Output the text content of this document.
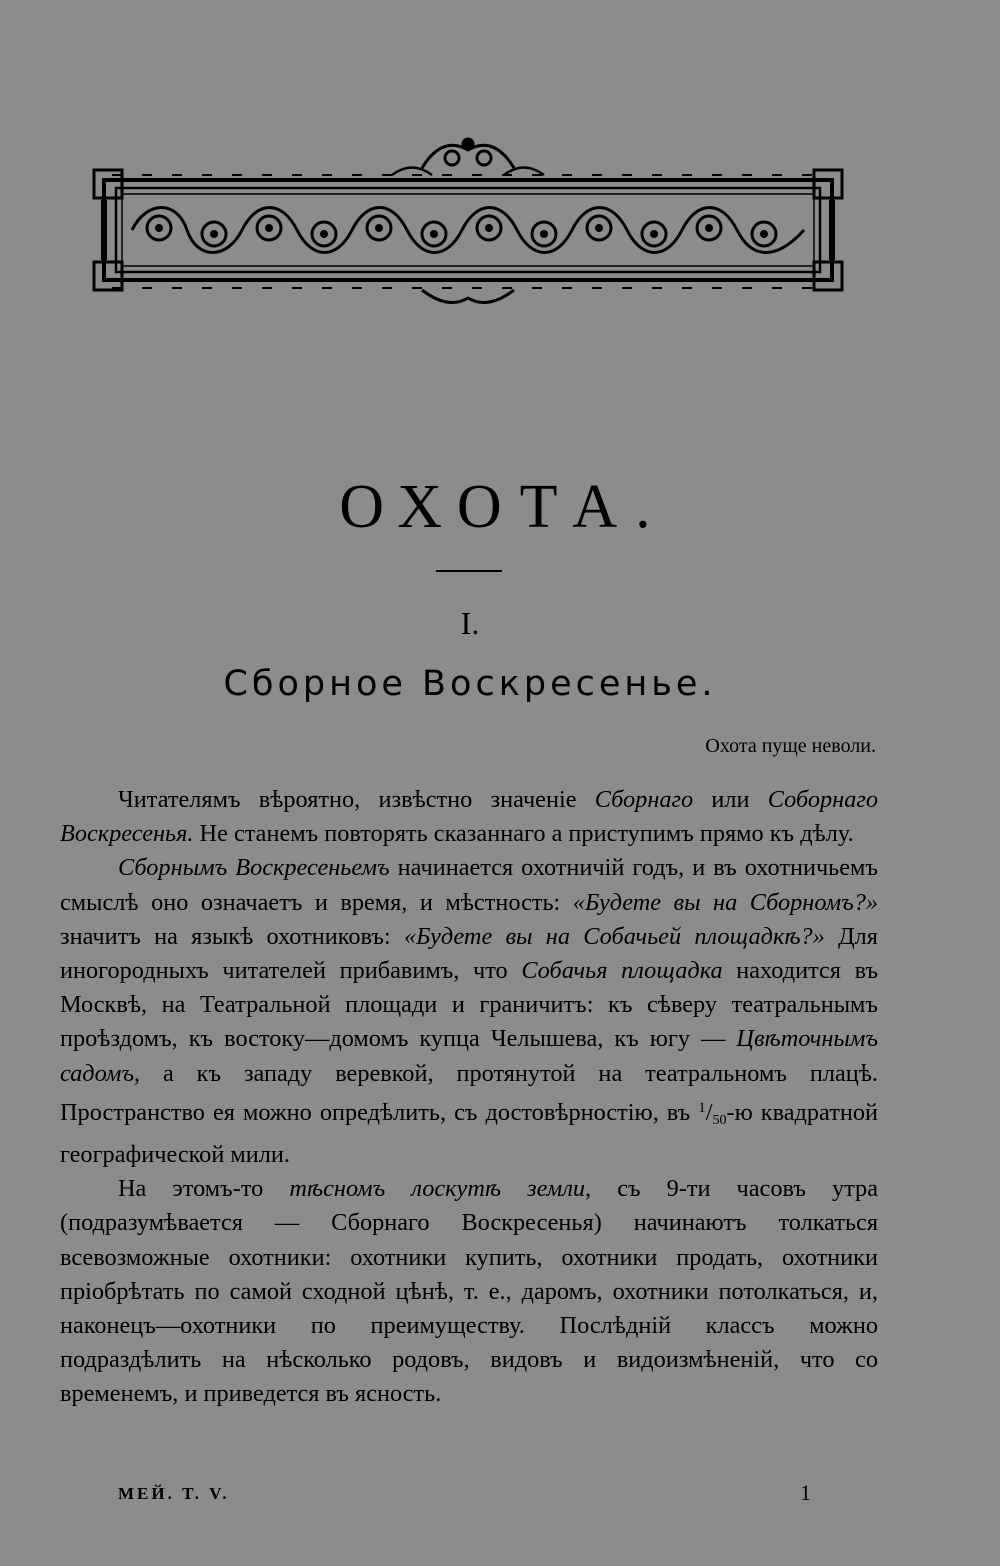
ОХОТА.
I.
Сборное Воскресенье.
Охота пуще неволи.

Читателямъ вѣроятно, извѣстно значеніе Сборнаго или Соборнаго Воскресенья. Не станемъ повторять сказаннаго а приступимъ прямо къ дѣлу.

Сборнымъ Воскресеньемъ начинается охотничій годъ, и въ охотничьемъ смыслѣ оно означаетъ и время, и мѣстность: «Будете вы на Сборномъ?» значитъ на языкѣ охотниковъ: «Будете вы на Собачьей площадкѣ?» Для иногородныхъ читателей прибавимъ, что Собачья площадка находится въ Москвѣ, на Театральной площади и граничитъ: къ сѣверу театральнымъ проѣздомъ, къ востоку—домомъ купца Челышева, къ югу — Цвѣточнымъ садомъ, а къ западу веревкой, протянутой на театральномъ плацѣ. Пространство ея можно опредѣлить, съ достовѣрностію, въ $^1/_{50}-ю$ квадратной географической мили.

На этомъ-то тѣсномъ лоскутѣ земли, съ 9-ти часовъ утра (подразумѣвается — Сборнаго Воскресенья) начинаютъ толкаться всевозможные охотники: охотники купить, охотники продать, охотники пріобрѣтать по самой сходной цѣнѣ, т. е., даромъ, охотники потолкаться, и, наконецъ—охотники по преимуществу. Послѣдній классъ можно подраздѣлить на нѣсколько родовъ, видовъ и видоизмѣненій, что со временемъ, и приведется въ ясность.

МЕЙ. Т. V.	1
